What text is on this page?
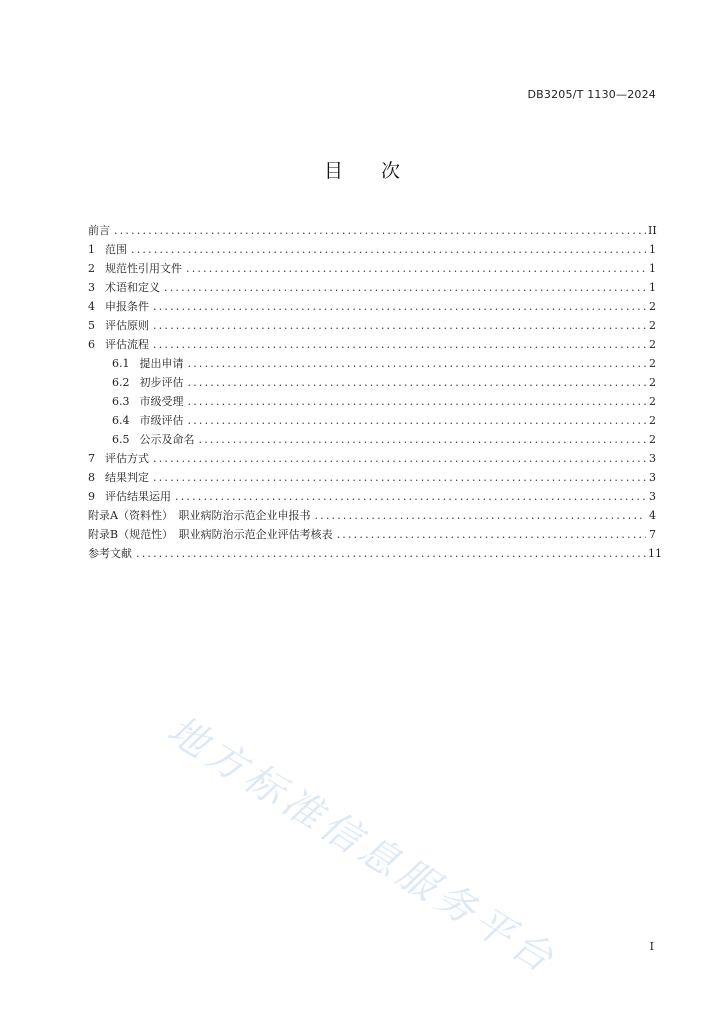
DB3205/T 1130—2024
目 次
前言 .....	II
1 范围 .....	1
2 规范性引用文件 .....	1
3 术语和定义 .....	1
4 申报条件 .....	2
5 评估原则 .....	2
6 评估流程 .....	2
6.1 提出申请 .....	2
6.2 初步评估 .....	2
6.3 市级受理 .....	2
6.4 市级评估 .....	2
6.5 公示及命名 .....	2
7 评估方式 .....	3
8 结果判定 .....	3
9 评估结果运用 .....	3
附录A（资料性）　职业病防治示范企业申报书 .....	4
附录B（规范性）　职业病防治示范企业评估考核表 .....	7
参考文献 .....	11
地方标准信息服务平台	I
